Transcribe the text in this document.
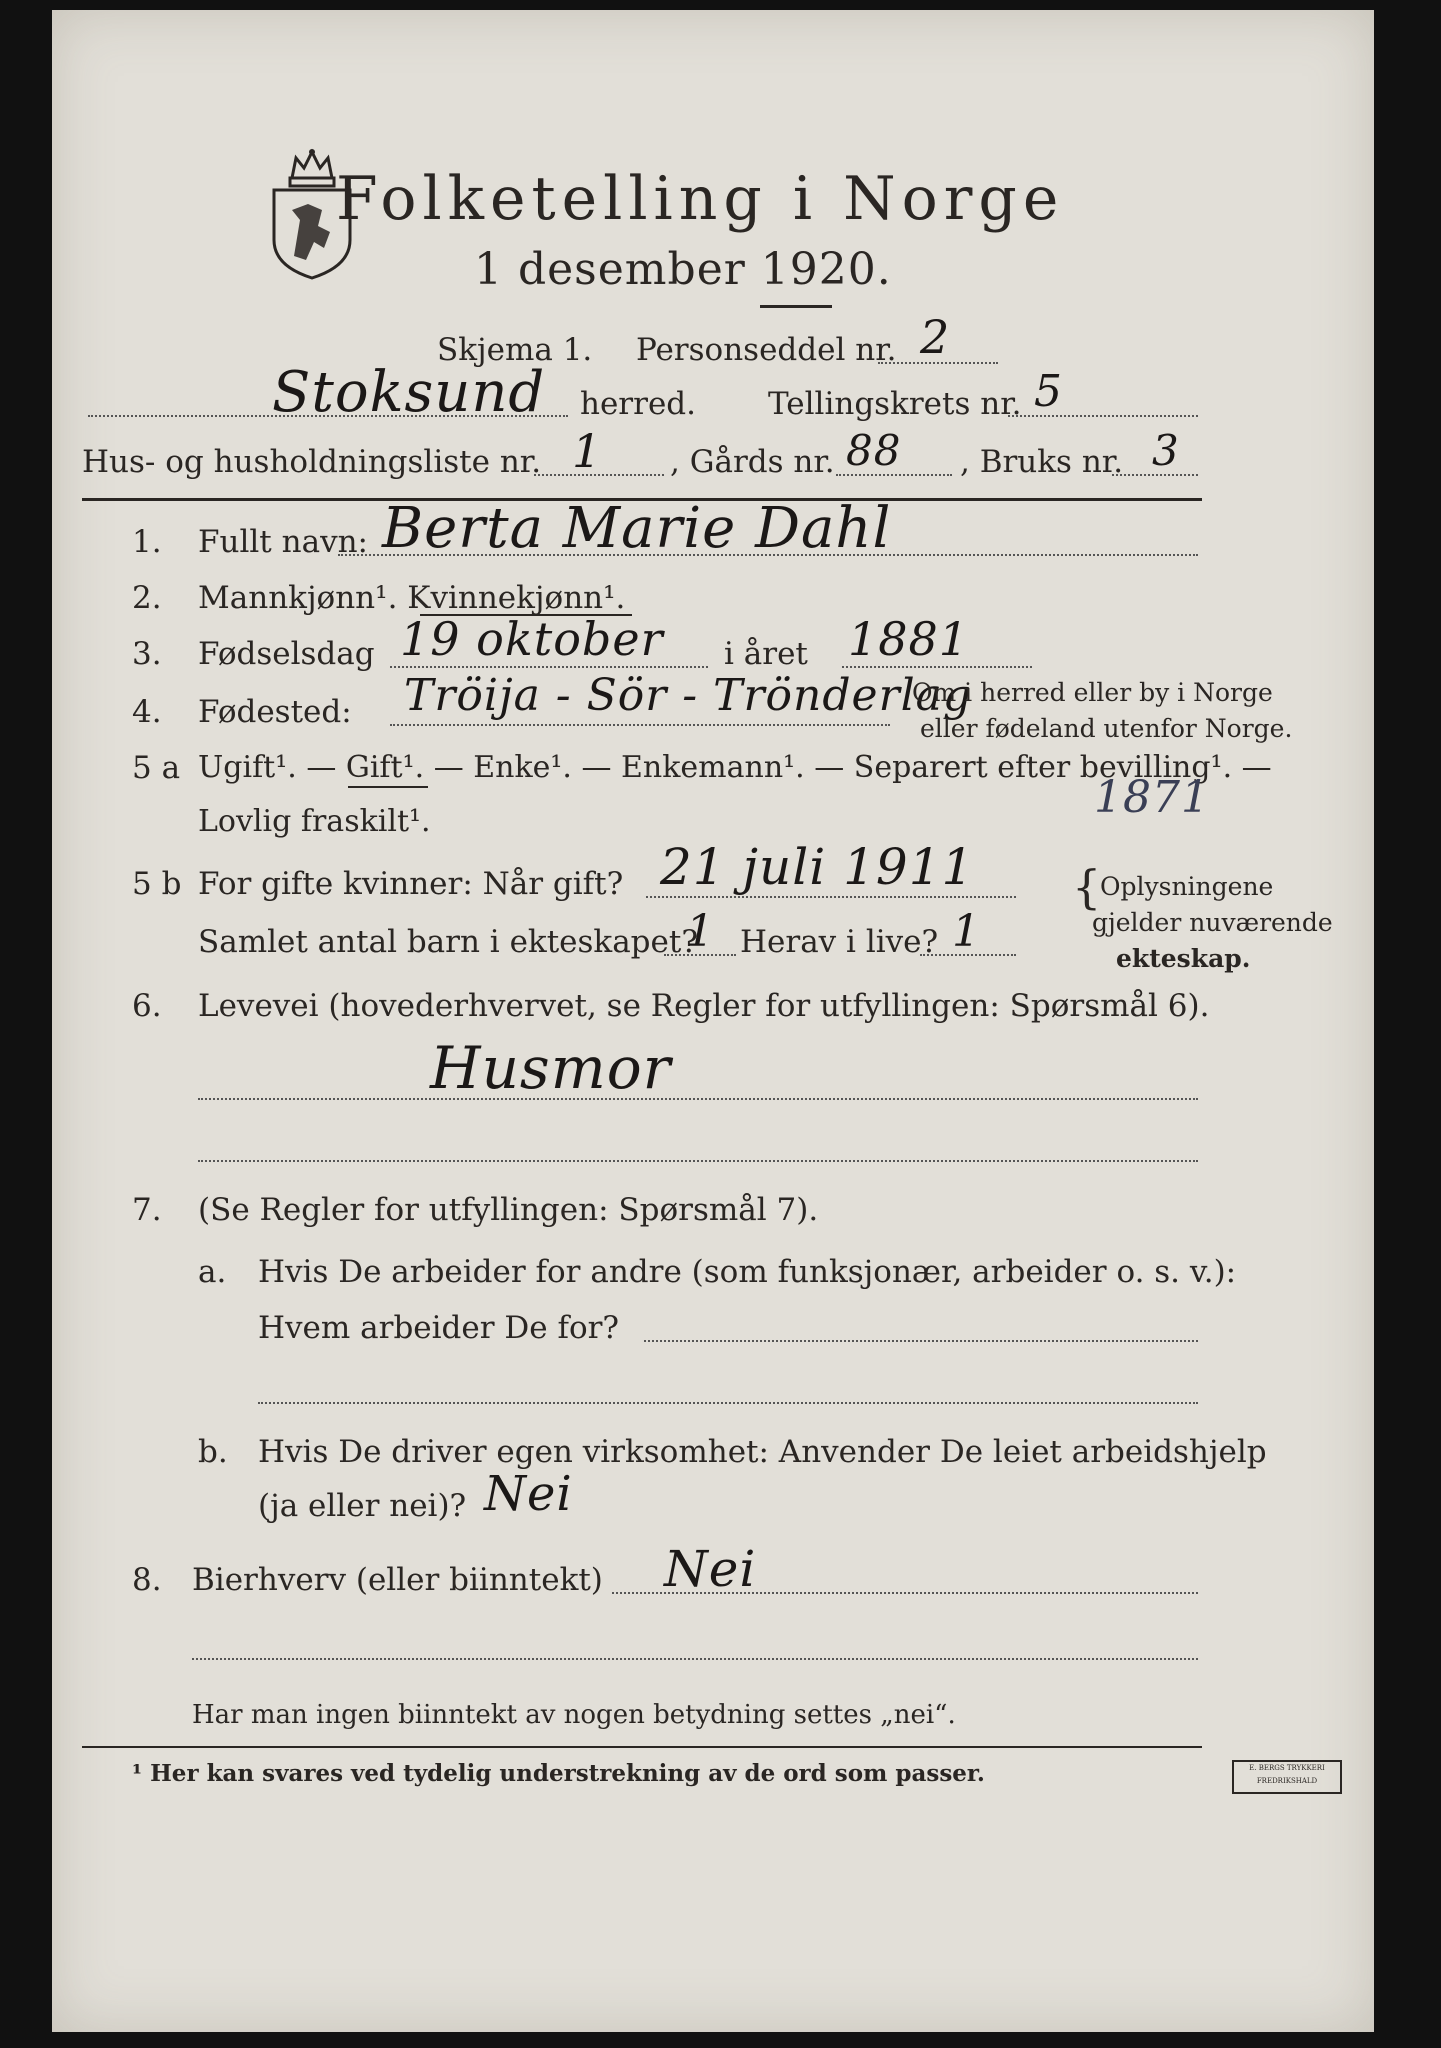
Folketelling i Norge
1 desember 1920.
Skjema 1. Personseddel nr. 2
Stoksund herred. Tellingskrets nr. 5
Hus- og husholdningsliste nr. 1 , Gårds nr. 88 , Bruks nr. 3
1. Fullt navn: Berta Marie Dahl
2. Mannkjønn¹. Kvinnekjønn¹.
3. Fødselsdag 19 oktober i året 1881
4. Fødested: Tröija - Sör - Trönderlag
Om i herred eller by i Norge
eller fødeland utenfor Norge.
5 a Ugift¹. — Gift¹. — Enke¹. — Enkemann¹. — Separert efter bevilling¹. —
Lovlig fraskilt¹.	1871
5 b For gifte kvinner: Når gift? 21 juli 1911
Samlet antal barn i ekteskapet?
1 Herav i live? 1
{
Oplysningene
gjelder nuværende
ekteskap.
6. Levevei (hovederhvervet, se Regler for utfyllingen: Spørsmål 6).
Husmor
7. (Se Regler for utfyllingen: Spørsmål 7).
a. Hvis De arbeider for andre (som funksjonær, arbeider o. s. v.):
Hvem arbeider De for?
b. Hvis De driver egen virksomhet: Anvender De leiet arbeidshjelp
(ja eller nei)? Nei
8. Bierhverv (eller biinntekt) Nei
Har man ingen biinntekt av nogen betydning settes „nei“.
¹ Her kan svares ved tydelig understrekning av de ord som passer.	E. BERGS TRYKKERI
FREDRIKSHALD
